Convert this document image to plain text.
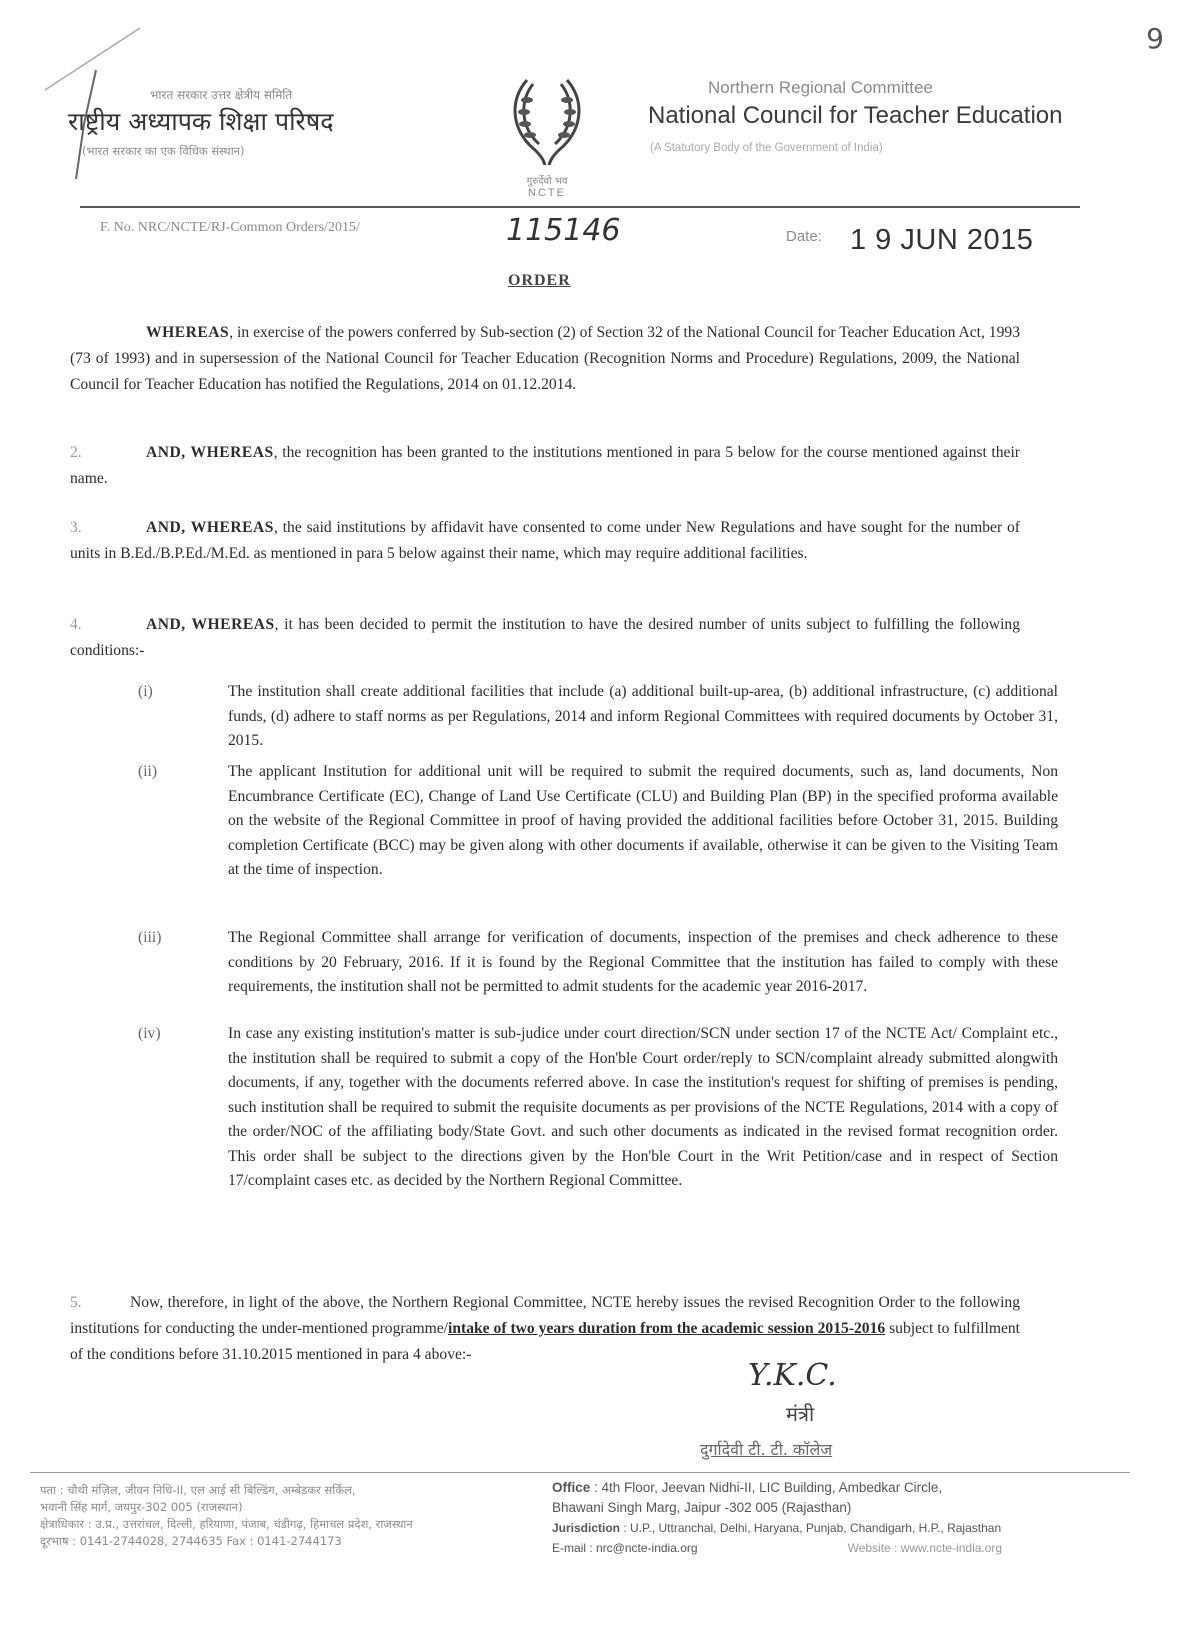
9
भारत सरकार उत्तर क्षेत्रीय समिति
राष्ट्रीय अध्यापक शिक्षा परिषद
(भारत सरकार का एक विधिक संस्थान)
गुरुर्देवो भव
NCTE
Northern Regional Committee
National Council for Teacher Education
(A Statutory Body of the Government of India)
F. No. NRC/NCTE/RJ-Common Orders/2015/	115146	Date: 1 9 JUN 2015
ORDER
WHEREAS, in exercise of the powers conferred by Sub-section (2) of Section 32 of the National Council for Teacher Education Act, 1993 (73 of 1993) and in supersession of the National Council for Teacher Education (Recognition Norms and Procedure) Regulations, 2009, the National Council for Teacher Education has notified the Regulations, 2014 on 01.12.2014.
2.	AND, WHEREAS, the recognition has been granted to the institutions mentioned in para 5 below for the course mentioned against their name.
3.	AND, WHEREAS, the said institutions by affidavit have consented to come under New Regulations and have sought for the number of units in B.Ed./B.P.Ed./M.Ed. as mentioned in para 5 below against their name, which may require additional facilities.
4.	AND, WHEREAS, it has been decided to permit the institution to have the desired number of units subject to fulfilling the following conditions:-
(i)	The institution shall create additional facilities that include (a) additional built-up-area, (b) additional infrastructure, (c) additional funds, (d) adhere to staff norms as per Regulations, 2014 and inform Regional Committees with required documents by October 31, 2015.
(ii)	The applicant Institution for additional unit will be required to submit the required documents, such as, land documents, Non Encumbrance Certificate (EC), Change of Land Use Certificate (CLU) and Building Plan (BP) in the specified proforma available on the website of the Regional Committee in proof of having provided the additional facilities before October 31, 2015. Building completion Certificate (BCC) may be given along with other documents if available, otherwise it can be given to the Visiting Team at the time of inspection.
(iii)	The Regional Committee shall arrange for verification of documents, inspection of the premises and check adherence to these conditions by 20 February, 2016. If it is found by the Regional Committee that the institution has failed to comply with these requirements, the institution shall not be permitted to admit students for the academic year 2016-2017.
(iv)	In case any existing institution's matter is sub-judice under court direction/SCN under section 17 of the NCTE Act/ Complaint etc., the institution shall be required to submit a copy of the Hon'ble Court order/reply to SCN/complaint already submitted alongwith documents, if any, together with the documents referred above. In case the institution's request for shifting of premises is pending, such institution shall be required to submit the requisite documents as per provisions of the NCTE Regulations, 2014 with a copy of the order/NOC of the affiliating body/State Govt. and such other documents as indicated in the revised format recognition order. This order shall be subject to the directions given by the Hon'ble Court in the Writ Petition/case and in respect of Section 17/complaint cases etc. as decided by the Northern Regional Committee.
5.	Now, therefore, in light of the above, the Northern Regional Committee, NCTE hereby issues the revised Recognition Order to the following institutions for conducting the under-mentioned programme/intake of two years duration from the academic session 2015-2016 subject to fulfillment of the conditions before 31.10.2015 mentioned in para 4 above:-
Y.K.C.
मंत्री
दुर्गादेवी टी. टी. कॉलेज
पता : चौथी मंज़िल, जीवन निधि-II, एल आई सी बिल्डिंग, अम्बेडकर सर्किल,
भवानी सिंह मार्ग, जयपुर-302 005 (राजस्थान)
क्षेत्राधिकार : उ.प्र., उत्तरांचल, दिल्ली, हरियाणा, पंजाब, चंडीगढ़, हिमाचल प्रदेश, राजस्थान
दूरभाष : 0141-2744028, 2744635 Fax : 0141-2744173
Office : 4th Floor, Jeevan Nidhi-II, LIC Building, Ambedkar Circle,
Bhawani Singh Marg, Jaipur -302 005 (Rajasthan)
Jurisdiction : U.P., Uttranchal, Delhi, Haryana, Punjab, Chandigarh, H.P., Rajasthan
E-mail : nrc@ncte-india.org	Website : www.ncte-india.org
